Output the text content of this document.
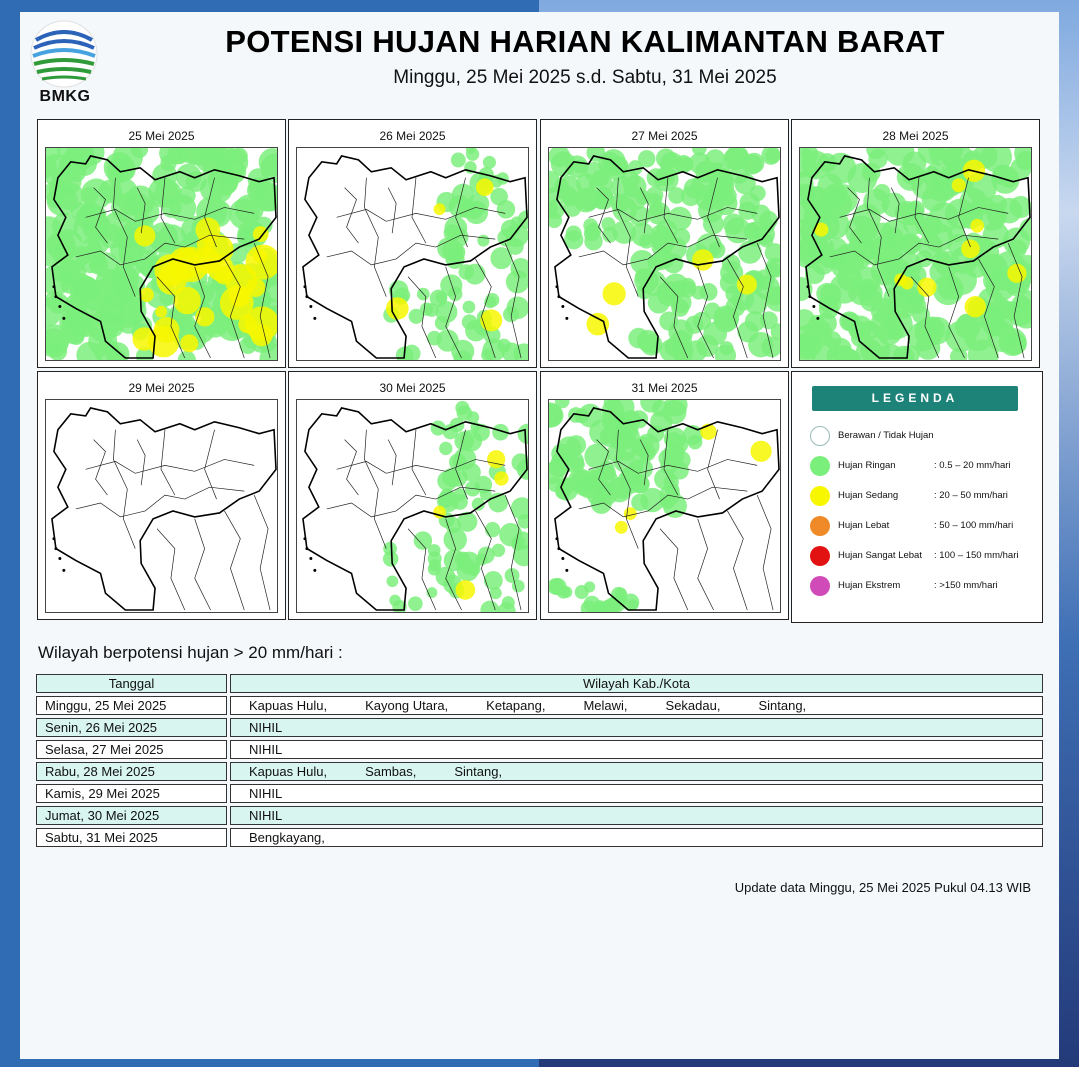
BMKG
POTENSI HUJAN HARIAN KALIMANTAN BARAT
Minggu, 25 Mei 2025 s.d. Sabtu, 31 Mei 2025
25 Mei 2025	26 Mei 2025	27 Mei 2025	28 Mei 2025
29 Mei 2025	30 Mei 2025	31 Mei 2025
LEGENDA
Berawan / Tidak Hujan
Hujan Ringan	: 0.5 – 20 mm/hari
Hujan Sedang	: 20 – 50 mm/hari
Hujan Lebat	: 50 – 100 mm/hari
Hujan Sangat Lebat : 100 – 150 mm/hari
Hujan Ekstrem	: >150 mm/hari
Wilayah berpotensi hujan > 20 mm/hari :
Tanggal		Wilayah Kab./Kota
Minggu, 25 Mei 2025		Kapuas Hulu, Kayong Utara, Ketapang, Melawi, Sekadau, Sintang,
Senin, 26 Mei 2025		NIHIL
Selasa, 27 Mei 2025		NIHIL
Rabu, 28 Mei 2025		Kapuas Hulu, Sambas, Sintang,
Kamis, 29 Mei 2025		NIHIL
Jumat, 30 Mei 2025		NIHIL
Sabtu, 31 Mei 2025		Bengkayang,
Update data Minggu, 25 Mei 2025 Pukul 04.13 WIB
